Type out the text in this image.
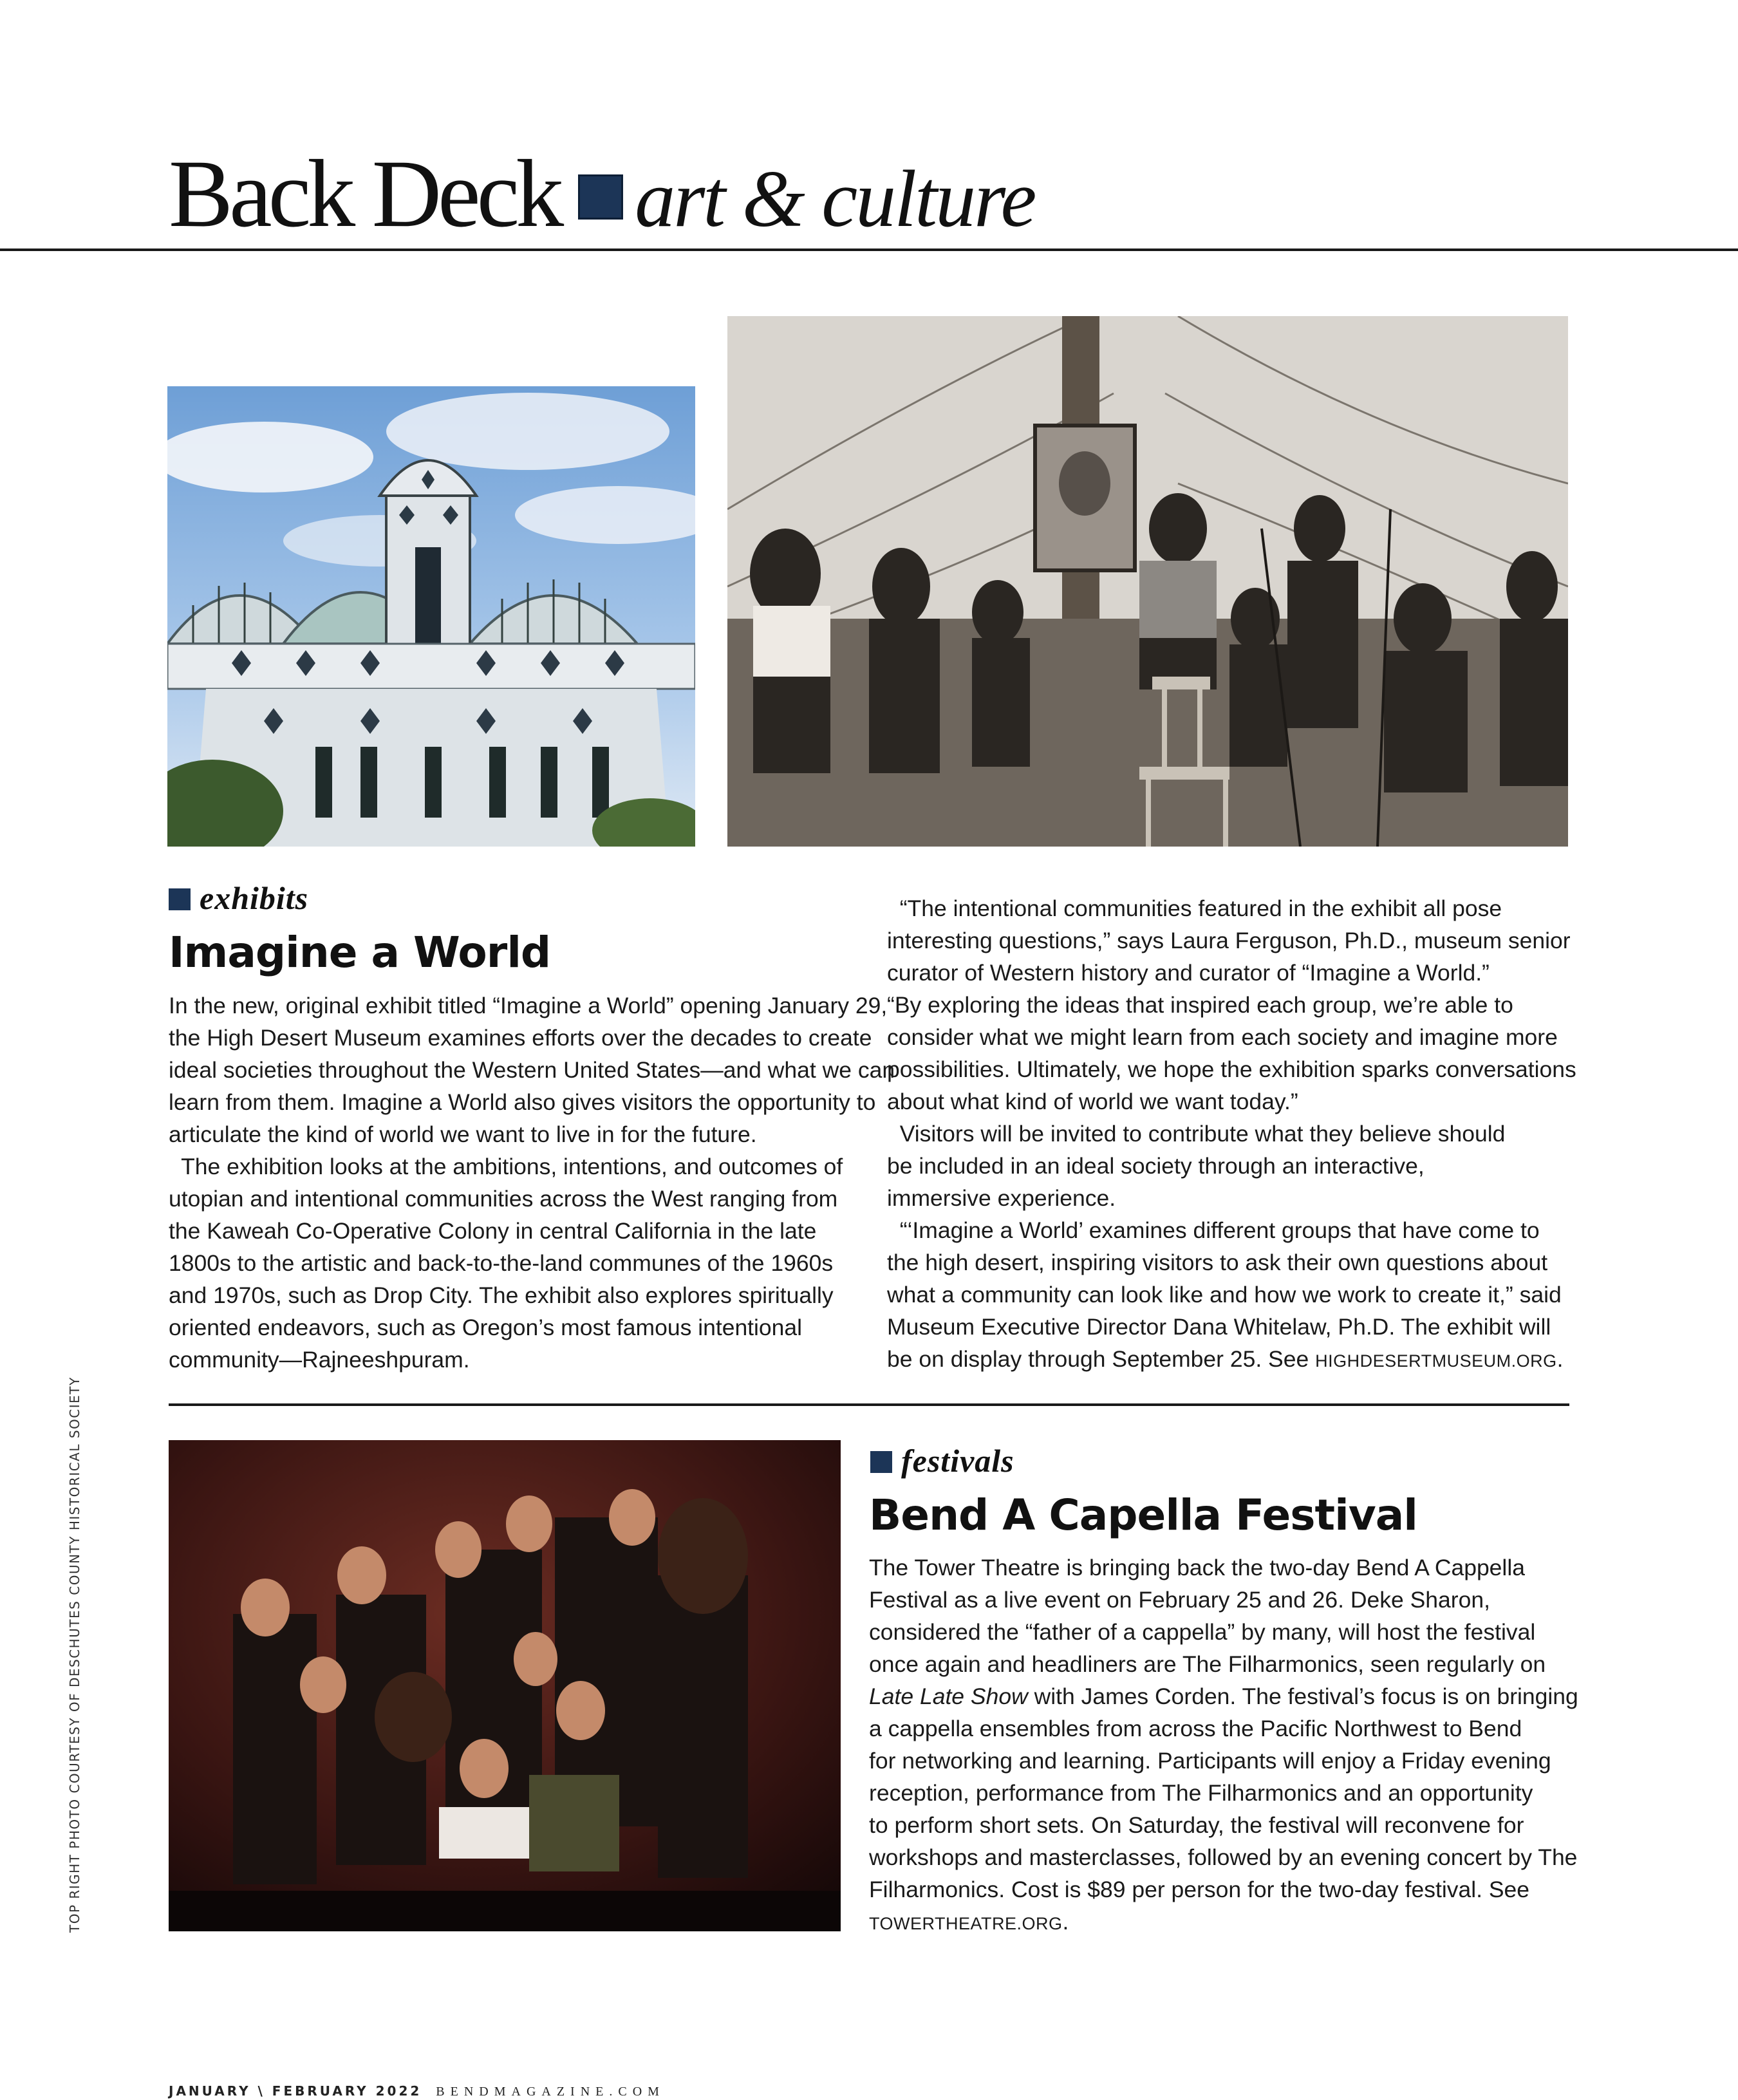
Back Deck art & culture
exhibits
Imagine a World
In the new, original exhibit titled “Imagine a World” opening January 29,
the High Desert Museum examines efforts over the decades to create
ideal societies throughout the Western United States—and what we can
learn from them. Imagine a World also gives visitors the opportunity to
articulate the kind of world we want to live in for the future.
The exhibition looks at the ambitions, intentions, and outcomes of
utopian and intentional communities across the West ranging from
the Kaweah Co-Operative Colony in central California in the late
1800s to the artistic and back-to-the-land communes of the 1960s
and 1970s, such as Drop City. The exhibit also explores spiritually
oriented endeavors, such as Oregon’s most famous intentional
community—Rajneeshpuram.
“The intentional communities featured in the exhibit all pose
interesting questions,” says Laura Ferguson, Ph.D., museum senior
curator of Western history and curator of “Imagine a World.”
“By exploring the ideas that inspired each group, we’re able to
consider what we might learn from each society and imagine more
possibilities. Ultimately, we hope the exhibition sparks conversations
about what kind of world we want today.”
Visitors will be invited to contribute what they believe should
be included in an ideal society through an interactive,
immersive experience.
“‘Imagine a World’ examines different groups that have come to
the high desert, inspiring visitors to ask their own questions about
what a community can look like and how we work to create it,” said
Museum Executive Director Dana Whitelaw, Ph.D. The exhibit will
be on display through September 25. See HIGHDESERTMUSEUM.ORG.
festivals
Bend A Capella Festival
The Tower Theatre is bringing back the two-day Bend A Cappella
Festival as a live event on February 25 and 26. Deke Sharon,
considered the “father of a cappella” by many, will host the festival
once again and headliners are The Filharmonics, seen regularly on
Late Late Show with James Corden. The festival’s focus is on bringing
a cappella ensembles from across the Pacific Northwest to Bend
for networking and learning. Participants will enjoy a Friday evening
reception, performance from The Filharmonics and an opportunity
to perform short sets. On Saturday, the festival will reconvene for
workshops and masterclasses, followed by an evening concert by The
Filharmonics. Cost is $89 per person for the two-day festival. See
TOWERTHEATRE.ORG.
TOP RIGHT PHOTO COURTESY OF DESCHUTES COUNTY HISTORICAL SOCIETY
JANUARY \ FEBRUARY 2022 BENDMAGAZINE.COM
